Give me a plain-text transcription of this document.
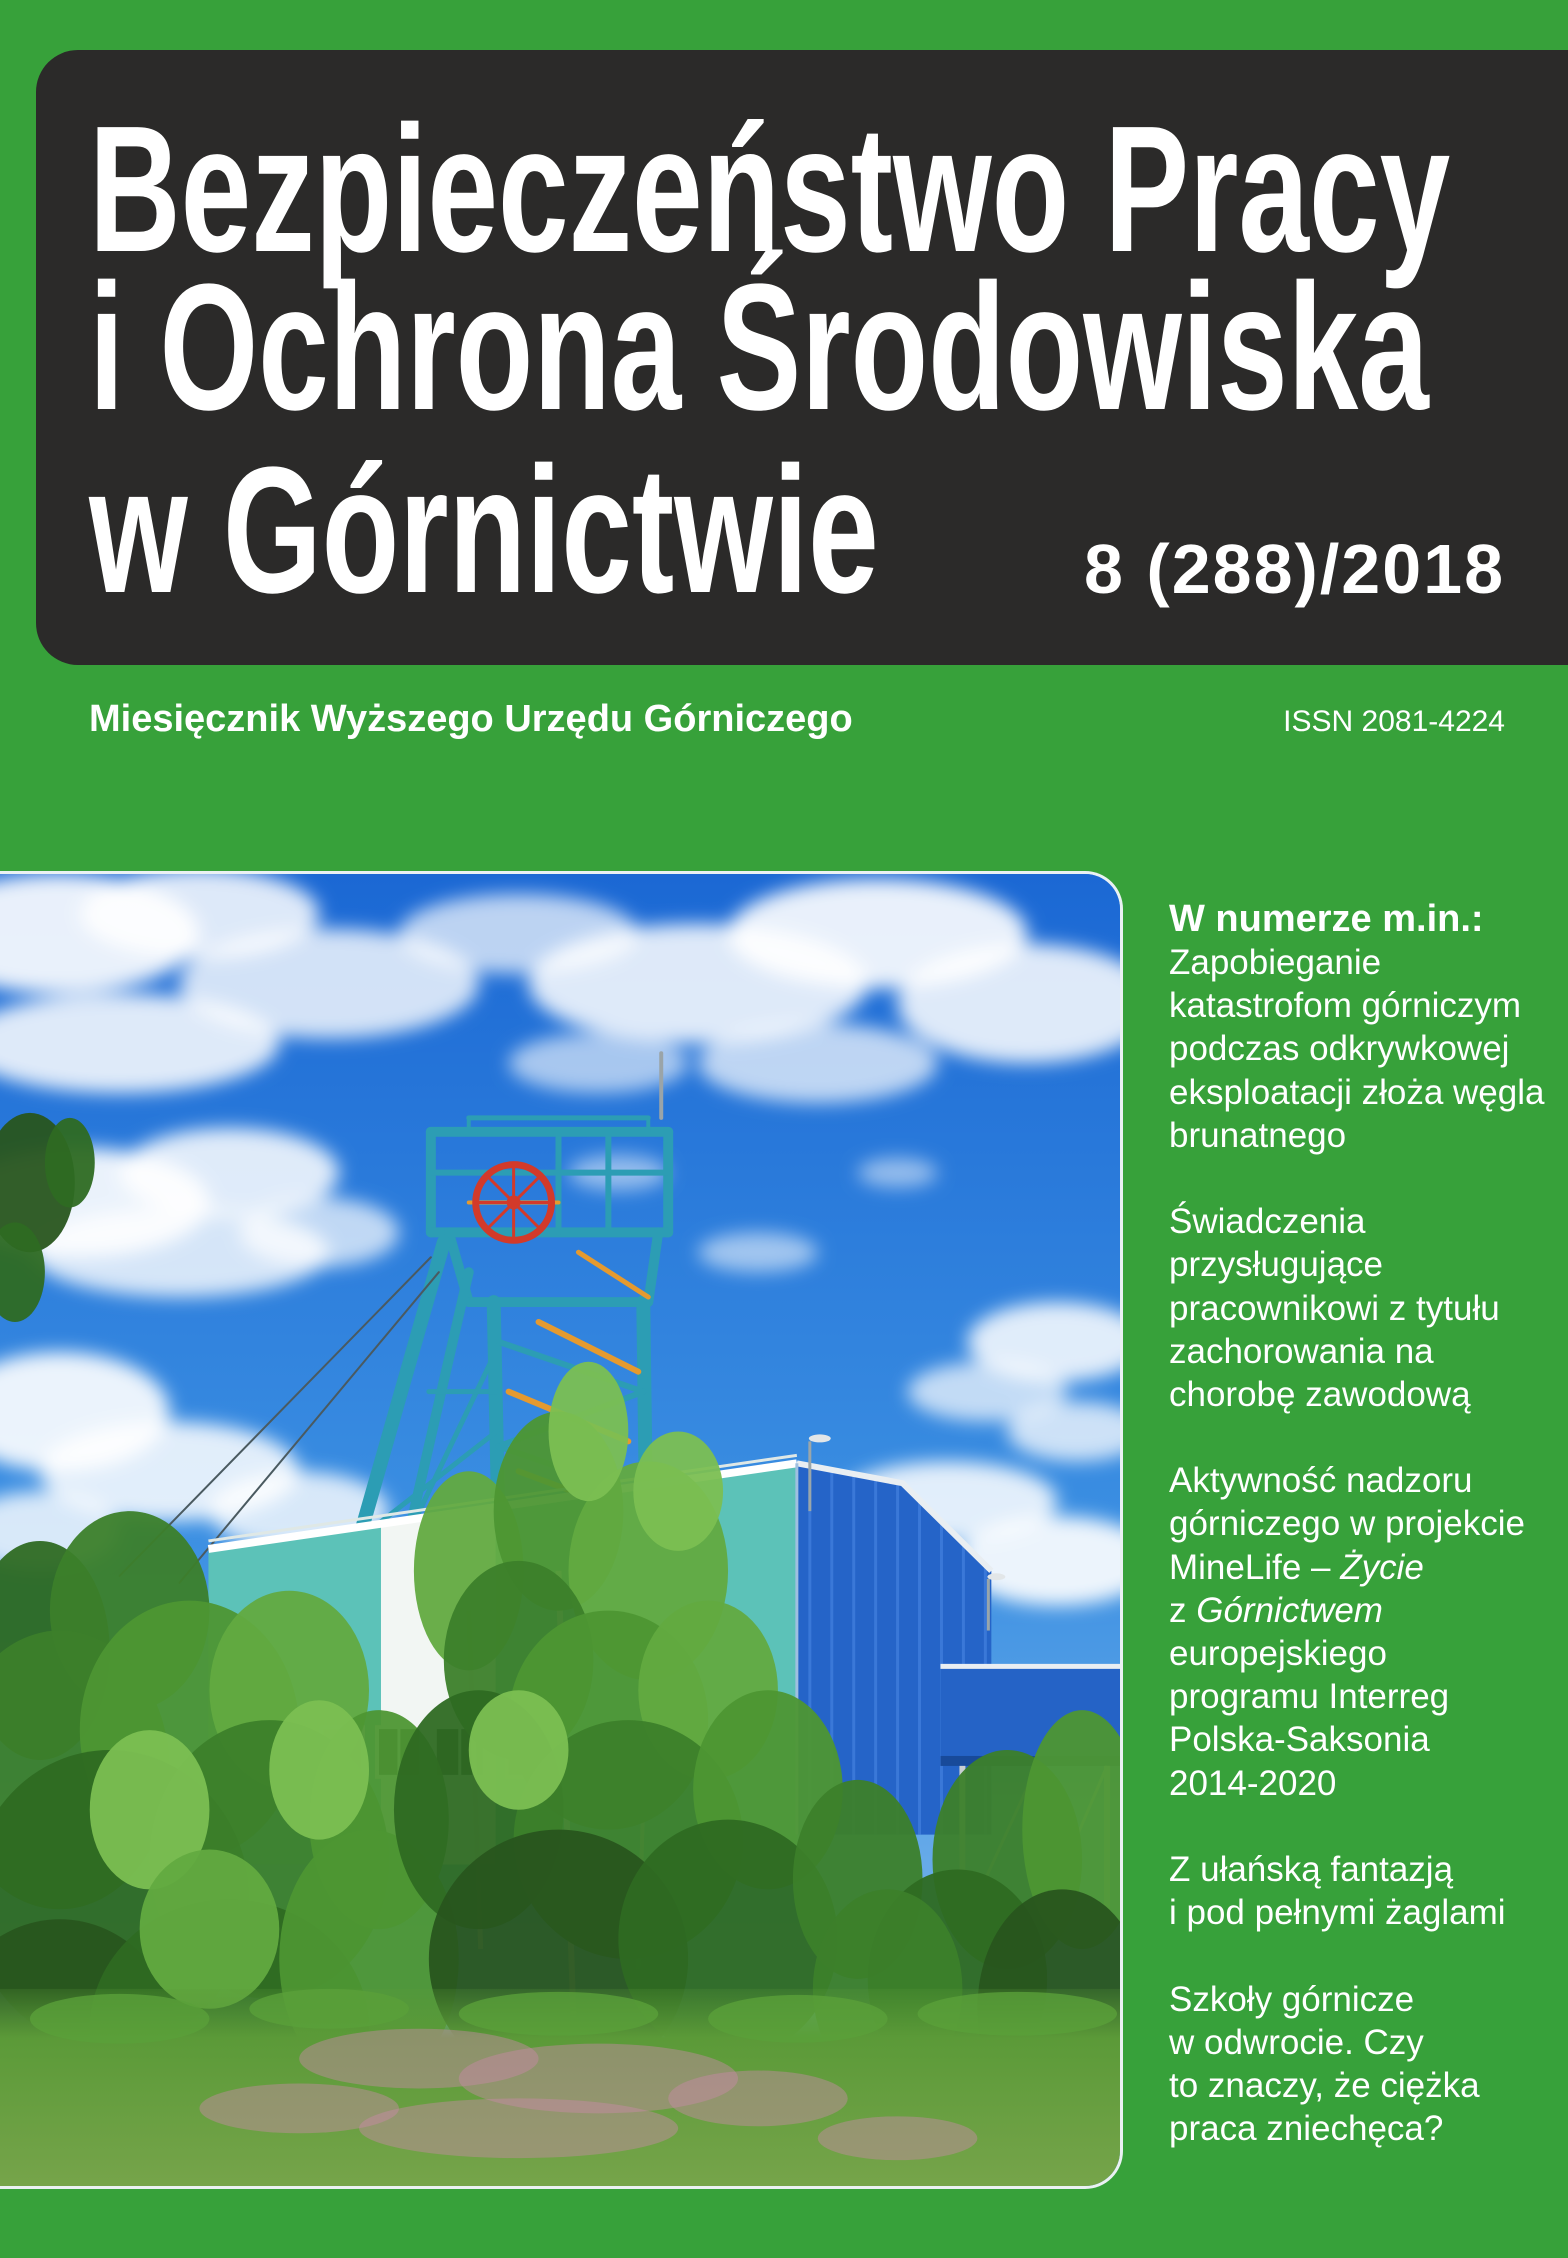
Bezpieczeństwo Pracy
i Ochrona Środowiska
w Górnictwie	8 (288)/2018
Miesięcznik Wyższego Urzędu Górniczego	ISSN 2081-4224
W numerze m.in.:
Zapobieganie
katastrofom górniczym
podczas odkrywkowej
eksploatacji złoża węgla
brunatnego
Świadczenia
przysługujące
pracownikowi z tytułu
zachorowania na
chorobę zawodową
Aktywność nadzoru
górniczego w projekcie
MineLife – Życie
z Górnictwem
europejskiego
programu Interreg
Polska-Saksonia
2014-2020
Z ułańską fantazją
i pod pełnymi żaglami
Szkoły górnicze
w odwrocie. Czy
to znaczy, że ciężka
praca zniechęca?
